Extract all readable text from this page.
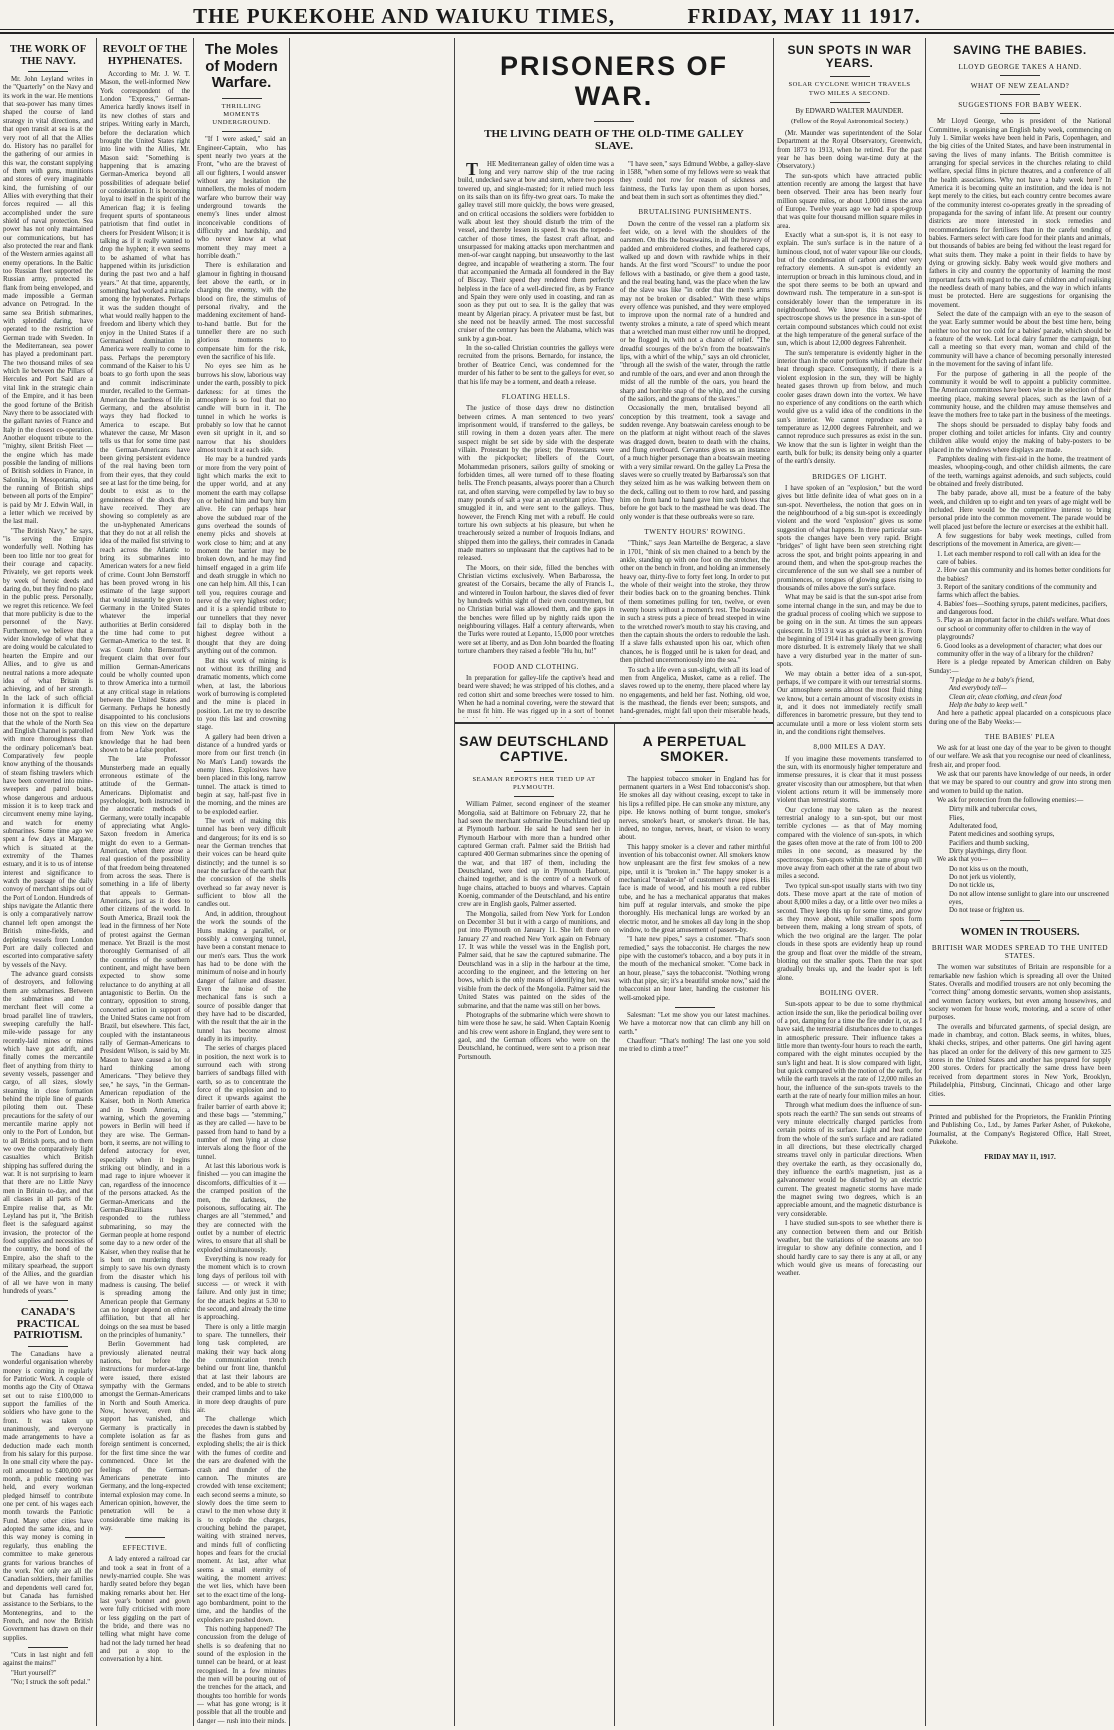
THE PUKEKOHE AND WAIUKU TIMES,	FRIDAY, MAY 11 1917.
THE WORK OF THE NAVY.

Mr. John Leyland writes in the "Quarterly" on the Navy and its work in the war. He mentions that sea-power has many times shaped the course of land strategy in vital directions, and that open transit at sea is at the very root of all that the Allies do. History has no parallel for the gathering of our armies in this war, the constant supplying of them with guns, munitions and stores of every imaginable kind, the furnishing of our Allies with everything that their forces required — all this accomplished under the sure shield of naval protection. Sea power has not only maintained our communications, but has also protected the rear and flank of the Western armies against all enemy operations. In the Baltic too Russian fleet supported the Russian army, protected its flank from being enveloped, and made impossible a German advance on Petrograd. In the same sea British submarines, with splendid daring, have operated to the restriction of German trade with Sweden. In the Mediterranean, sea power has played a predominant part. The two thousand miles of sea which lie between the Pillars of Hercules and Port Said are a vital link in the strategic chain of the Empire, and it has been the good fortune of the British Navy there to be associated with the gallant navies of France and Italy in the closest co-operation. Another eloquent tribute to the "mighty, silent British Fleet — the engine which has made possible the landing of millions of British soldiers in France, in Salonika, in Mesopotamia, and the running of British ships between all ports of the Empire" is paid by Mr J. Edwin Wall, in a letter which we received by the last mail.

"The British Navy," he says, "is serving the Empire wonderfully well. Nothing has been too little nor too great for their courage and capacity. Privately, we get reports week by week of heroic deeds and daring do, but they find no place in the public press. Personally, we regret this reticence. We feel that more publicity is due to the personnel of the Navy. Furthermore, we believe that a wider knowledge of what they are doing would be calculated to hearten the Empire and our Allies, and to give us and neutral nations a more adequate idea of what Britain is achieving, and of her strength. In the lack of such official information it is difficult for those not on the spot to realise that the whole of the North Sea and English Channel is patrolled with more thoroughness than the ordinary policeman's beat. Comparatively few people know anything of the thousands of steam fishing trawlers which have been converted into mine-sweepers and patrol boats, whose dangerous and arduous mission it is to keep track and circumvent enemy mine laying, and watch for enemy submarines. Some time ago we spent a few days at Margate, which is situated at the extremity of the Thames estuary, and it is to us of intense interest and significance to watch the passage of the daily convoy of merchant ships out of the Port of London. Hundreds of ships navigate the Atlantic there is only a comparatively narrow channel left open amongst the British mine-fields, and depleting vessels from London Port are daily collected and escorted into comparative safety by vessels of the Navy.

The advance guard consists of destroyers, and following them are submarines. Between the submarines and the merchant fleet will come a broad parallel line of trawlers, sweeping carefully the half-mile-wide passage for any recently-laid mines or mines which have got adrift, and finally comes the mercantile fleet of anything from thirty to seventy vessels, passenger and cargo, of all sizes, slowly steaming in close formation behind the triple line of guards piloting them out. These precautions for the safety of our mercantile marine apply not only to the Port of London, but to all British ports, and to them we owe the comparatively light casualties which British shipping has suffered during the war. It is not surprising to learn that there are no Little Navy men in Britain to-day, and that all classes in all parts of the Empire realise that, as Mr. Leyland has put it, "the British fleet is the safeguard against invasion, the protector of the food supplies and necessities of the country, the bond of the Empire, also the shaft to the military spearhead, the support of the Allies, and the guardian of all we have won in many hundreds of years."

CANADA'S PRACTICAL PATRIOTISM.

The Canadians have a wonderful organisation whereby money is coming in regularly for Patriotic Work. A couple of months ago the City of Ottawa set out to raise £100,000 to support the families of the soldiers who have gone to the front. It was taken up unanimously, and everyone made arrangements to have a deduction made each month from his salary for this purpose. In one small city where the pay-roll amounted to £400,000 per month, a public meeting was held, and every workman pledged himself to contribute one per cent. of his wages each month towards the Patriotic Fund. Many other cities have adopted the same idea, and in this way money is coming in regularly, thus enabling the committee to make generous grants for various branches of the work. Not only are all the Canadian soldiers, their families and dependents well cared for, but Canada has furnished assistance to the Serbians, to the Montenegrins, and to the French, and now the British Government has drawn on their supplies.

"Cuts in last night and fell against the mains!"

"Hurt yourself?"

"No; I struck the soft pedal."

REVOLT OF THE HYPHENATES.

According to Mr. J. W. T. Mason, the well-informed New York correspondent of the London "Express," German-America hardly knows itself in its new clothes of stars and stripes. Writing early in March, before the declaration which brought the United States right into line with the Allies, Mr. Mason said: "Something is happening that is amazing German-America beyond all possibilities of adequate belief or consideration. It is becoming loyal to itself in the spirit of the American flag; it is feeling frequent spurts of spontaneous patriotism that find outlet in cheers for President Wilson; it is talking as if it really wanted to drop the hyphen; it even seems to be ashamed of what has happened within its jurisdiction during the past two and a half years." At that time, apparently, something had worked a miracle among the hyphenates. Perhaps it was the sudden thought of what would really happen to the freedom and liberty which they enjoy in the United States if a Germanised domination in America were really to come to pass. Perhaps the peremptory command of the Kaiser to his U boats to go forth upon the seas and commit indiscriminate murder, recalled to the German-American the hardness of life in Germany, and the absolutist ways they had flocked to America to escape. But whatever the cause, Mr Mason tells us that for some time past the German-Americans have been giving persistent evidence of the real having been torn from their eyes, that they could see at last for the time being, for doubt to exist as to the genuineness of the shock they have received. They are showing so completely as are the un-hyphenated Americans that they do not at all relish the idea of the mailed fist striving to reach across the Atlantic to bring its submarines into American waters for a new field of crime. Count John Bernstorff has been proved wrong in his estimate of the large support that would instantly be given to Germany in the United States whatever the imperial authorities at Berlin considered the time had come to put German-America to the test. It was Count John Bernstorff's frequent claim that over four million German-Americans could be wholly counted upon to throw America into a turmoil at any critical stage in relations between the United States and Germany. Perhaps he honestly disappointed to his conclusions on this view on the departure from New York was the knowledge that he had been shown to be a false prophet.

The late Professor Munsterberg made an equally erroneous estimate of the attitude of the German-Americans. Diplomatist and psychologist, both instructed in the autocratic methods of Germany, were totally incapable of appreciating what Anglo-Saxon freedom in America might do even to a German-American, when there arose a real question of the possibility of that freedom being threatened from across the seas. There is something in a life of liberty that appeals to German-Americans, just as it does to other citizens of the world. In South America, Brazil took the lead in the firmness of her Note of protest against the German menace. Yet Brazil is the most thoroughly Germanised of all the countries of the southern continent, and might have been expected to show some reluctance to do anything at all antagonistic to Berlin. On the contrary, opposition to strong, concerted action in support of the United States came not from Brazil, but elsewhere. This fact, coupled with the instantaneous rally of German-Americans to President Wilson, is said by Mr. Mason to have caused a lot of hard thinking among Americans. "They believe they see," he says, "in the German-American repudiation of the Kaiser, both in North America and in South America, a warning, which the governing powers in Berlin will heed if they are wise. The German-born, it seems, are not willing to defend autocracy for ever, especially when it begins striking out blindly, and in a mad rage to injure whoever it can, regardless of the innocence of the persons attacked. As the German-Americans and the German-Brazilians have responded to the ruthless submarining, so may the German people at home respond some day to a new order of the Kaiser, when they realise that he is bent on murdering them simply to save his own dynasty from the disaster which his madness is causing. The belief is spreading among the American people that Germany can no longer depend on ethnic affiliation, but that all her doings on the sea must be based on the principles of humanity."

Berlin Government had previously alienated neutral nations, but before the instructions for murder-at-large were issued, there existed sympathy with the Germans amongst the German-Americans in North and South America. Now, however, even this support has vanished, and Germany is practically in complete isolation as far as foreign sentiment is concerned, for the first time since the war commenced. Once let the feelings of the German-Americans penetrate into Germany, and the long-expected internal explosion may come. In American opinion, however, the penetration will be a considerable time making its way.

EFFECTIVE.

A lady entered a railroad car and took a seat in front of a newly-married couple. She was hardly seated before they began making remarks about her. Her last year's bonnet and gown were fully criticised with more or less giggling on the part of the bride, and there was no telling what might have come had not the lady turned her head and put a stop to the conversation by a hint.

The Moles of Modern Warfare.
THRILLING MOMENTS UNDERGROUND.

"If I were asked," said an Engineer-Captain, who has spent nearly two years at the Front, "who are the bravest of all our fighters, I would answer without any hesitation the tunnellers, the moles of modern warfare who burrow their way underground towards the enemy's lines under almost inconceivable conditions of difficulty and hardship, and who never know at what moment they may meet a horrible death."

There is exhilaration and glamour in fighting in thousand feet above the earth, or in charging the enemy, with the blood on fire, the stimulus of personal rivalry, and the maddening excitement of hand-to-hand battle. But for the tunneller there are no such glorious moments to compensate him for the risk, even the sacrifice of his life.

No eyes see him as he burrows his slow, laborious way under the earth, possibly to pick darkness: for at times the atmosphere is so foul that no candle will burn in it. The tunnel in which he works is probably so low that he cannot even sit upright in it, and so narrow that his shoulders almost touch it at each side.

He may be a hundred yards or more from the very point of light which marks the exit to the upper world, and at any moment the earth may collapse on or behind him and bury him alive. He can perhaps hear above the subdued roar of the guns overhead the sounds of enemy picks and shovels at work close to him; and at any moment the barrier may be broken down, and he may find himself engaged in a grim life and death struggle in which no one can help him. All this, I can tell you, requires courage and nerve of the very highest order; and it is a splendid tribute to our tunnellers that they never fail to display both in the highest degree without a thought that they are doing anything out of the common.

But this work of mining is not without its thrilling and dramatic moments, which come when, at last, the laborious work of burrowing is completed and the mine is placed in position. Let me try to describe to you this last and crowning stage.

A gallery had been driven a distance of a hundred yards or more from our first trench (in No Man's Land) towards the enemy lines. Explosives have been placed in this long, narrow tunnel. The attack is timed to begin at say, half-past five in the morning, and the mines are to be exploded earlier.

The work of making this tunnel has been very difficult and dangerous; for its end is so near the German trenches that their voices can be heard quite distinctly; and the tunnel is so near the surface of the earth that the concussion of the shells overhead so far away never is sufficient to blow all the candles out.

And, in addition, throughout the work the sounds of the Huns making a parallel, or possibly a converging tunnel, have been a constant menace to our men's ears. Thus the work has had to be done with the minimum of noise and in hourly danger of failure and disaster. Even the noise of the mechanical fans is such a source of possible danger that they have had to be discarded, with the result that the air in the tunnel has become almost deadly in its impurity.

The series of charges placed in position, the next work is to surround each with strong barriers of sandbags filled with earth, so as to concentrate the force of the explosion and to direct it upwards against the frailer barrier of earth above it; and these bags — "stemming," as they are called — have to be passed from hand to hand by a number of men lying at close intervals along the floor of the tunnel.

At last this laborious work is finished — you can imagine the discomforts, difficulties of it — the cramped position of the men, the darkness, the poisonous, suffocating air. The charges are all "stemmed," and they are connected with the outlet by a number of electric wires, to ensure that all shall be exploded simultaneously.

Everything is now ready for the moment which is to crown long days of perilous toil with success — or wreck it with failure. And only just in time; for the attack begins at 5.30 to the second, and already the time is approaching.

There is only a little margin to spare. The tunnellers, their long task completed, are making their way back along the communication trench behind our front line, thankful that at last their labours are ended, and to be able to stretch their cramped limbs and to take in more deep draughts of pure air.

The challenge which precedes the dawn is stabbed by the flashes from guns and exploding shells; the air is thick with the fumes of cordite and the ears are deafened with the crash and thunder of the cannon. The minutes are crowded with tense excitement; each second seems a minute, so slowly does the time seem to crawl to the men whose duty it is to explode the charges, crouching behind the parapet, waiting with strained nerves, and minds full of conflicting hopes and fears for the crucial moment. At last, after what seems a small eternity of waiting, the moment arrives: the wet lies, which have been set to the exact time of the long-ago bombardment, point to the time, and the handles of the exploders are pushed down.

This nothing happened? The concussion from the deluge of shells is so deafening that no sound of the explosion in the tunnel can be heard, or at least recognised. In a few minutes the men will be pouring out of the trenches for the attack, and thoughts too horrible for words — what has gone wrong; is it possible that all the trouble and danger — rush into their minds.

PRISONERS OF WAR.
THE LIVING DEATH OF THE OLD-TIME GALLEY SLAVE.

THE Mediterranean galley of olden time was a long and very narrow ship of the true racing build, undecked save at bow and stern, where two poops towered up, and single-masted; for it relied much less on its sails than on its fifty-two great oars. To make the galley travel still more quickly, the bows were greased, and on critical occasions the soldiers were forbidden to walk about lest they should disturb the trim of the vessel, and thereby lessen its speed. It was the torpedo-catcher of those times, the fastest craft afloat, and unsurpassed for making attacks upon merchantmen and men-of-war caught napping, but unseaworthy to the last degree, and incapable of weathering a storm. The four that accompanied the Armada all foundered in the Bay of Biscay. Their speed they rendered them perfectly helpless in the face of a well-directed fire, as by France and Spain they were only used in coasting, and ran as soon as they put out to sea. It is the galley that was meant by Algerian piracy. A privateer must be fast, but she need not be heavily armed. The most successful cruiser of the century has been the Alabama, which was sunk by a gun-boat.

In the so-called Christian countries the galleys were recruited from the prisons. Bernardo, for instance, the brother of Beatrice Cenci, was condemned for the murder of his father to be sent to the galleys for ever, so that his life may be a torment, and death a release.

FLOATING HELLS.

The justice of those days drew no distinction between crimes. A man sentenced to two years' imprisonment would, if transferred to the galleys, be still rowing in them a dozen years after. The mere suspect might be set side by side with the desperate villain. Protestant by the priest; the Protestants were with the pickpocket; libellers of the Court, Mohammedan prisoners, sailors guilty of smoking or forbidden times, all were turned off to these floating hells. The French peasants, always poorer than a Church rat, and often starving, were compelled by law to buy so many pounds of salt a year at an exorbitant price. They smuggled it in, and were sent to the galleys. Thus, however, the French King met with a rebuff. He could torture his own subjects at his pleasure, but when he treacherously seized a number of Iroquois Indians, and shipped them into the galleys, their comrades in Canada made matters so unpleasant that the captives had to be released.

The Moors, on their side, filled the benches with Christian victims exclusively. When Barbarossa, the greatest of the Corsairs, became the ally of Francis I., and wintered in Toulon harbour, the slaves died of fever by hundreds within sight of their own countrymen, but no Christian burial was allowed them, and the gaps in the benches were filled up by nightly raids upon the neighbouring villages. Half a century afterwards, when the Turks were routed at Lepanto, 15,000 poor wretches were set at liberty, and as Don John boarded the floating torture chambers they raised a feeble "Hu hu, hu!"

FOOD AND CLOTHING.

In preparation for galley-life the captive's head and beard were shaved; he was stripped of his clothes, and a red cotton shirt and some breeches were tossed to him. When he had a nominal covering, were the steward that he must fit him. He was rigged up in a sort of bonnet

"I have seen," says Edmund Webbe, a galley-slave in 1588, "when some of my fellows were so weak that they could not row for reason of sickness and faintness, the Turks lay upon them as upon horses, and beat them in such sort as oftentimes they died."

BRUTALISING PUNISHMENTS.

Down the centre of the vessel ran a platform six feet wide, on a level with the shoulders of the oarsmen. On this the boatswains, in all the bravery of padded and embroidered clothes, and feathered caps, walked up and down with rawhide whips in their hands. At the first word "Scours!" to undue the poor fellows with a bastinado, or give them a good taste, and the real beating hand, was the place when the law of the slave was like "in order that the men's arms may not be broken or disabled." With these whips every offence was punished, and they were employed to improve upon the normal rate of a hundred and twenty strokes a minute, a rate of speed which meant that a wretched man must either row until he dropped, or be flogged in, with not a chance of relief. "The dreadful scourges of the bo's'n from the boatswain's lips, with a whirl of the whip," says an old chronicler, "through all the swish of the water, through the rattle and rumble of the oars, and ever and anon through the midst of all the rumble of the oars, you heard the sharp and horrible snap of the whip, and the cursing of the sailors, and the groans of the slaves."

Occasionally the men, brutalised beyond all conception by this treatment, took a savage and sudden revenge. Any boatswain careless enough to be on the platform at night without reach of the slaves was dragged down, beaten to death with the chains, and flung overboard. Cervantes gives us an instance of a much higher personage than a boatswain meeting with a very similar reward. On the galley La Presa the slaves were so cruelly treated by Barbarossa's son that they seized him as he was walking between them on the deck, calling out to them to row hard, and passing him on from hand to hand gave him such blows that before he got back to the masthead he was dead. The only wonder is that these outbreaks were so rare.

TWENTY HOURS' ROWING.

"Think," says Jean Marteilhe de Bergerac, a slave in 1701, "think of six men chained to a bench by the ankle, standing up with one foot on the stretcher, the other on the bench in front, and holding an immensely heavy oar, thirty-five to forty feet long. In order to put the whole of their weight into the stroke, they throw their bodies back on to the groaning benches. Think of them sometimes pulling for ten, twelve, or even twenty hours without a moment's rest. The boatswain in such a stress puts a piece of bread steeped in wine to the wretched rower's mouth to stay his craving, and then the captain shouts the orders to redouble the lash. If a slave falls exhausted upon his oar, which often chances, he is flogged until he is taken for dead, and then pitched unceremoniously into the sea."

To such a life even a sun-slight, with all its load of men from Angelica, Musket, came as a relief. The slaves rowed up to the enemy, there placed where lay no engagements, and held her fast. Nothing, old woe, is the masthead, the fiends ever been; sunspots, and hand-grenades, might fall upon their miserable heads,

SAW DEUTSCHLAND CAPTIVE.
SEAMAN REPORTS HER TIED UP AT PLYMOUTH.

William Palmer, second engineer of the steamer Mongolia, said at Baltimore on February 22, that he had seen the merchant submarine Deutschland tied up at Plymouth harbour. He said he had seen her in Plymouth Harbour with more than a hundred other captured German craft. Palmer said the British had captured 400 German submarines since the opening of the war, and that 187 of them, including the Deutschland, were tied up in Plymouth Harbour, chained together, and is the centre of a network of huge chains, attached to buoys and wharves. Captain Koenig, commander of the Deutschland, and his entire crew are in English gaols, Palmer asserted.

The Mongolia, sailed from New York for London on December 31 but it with a cargo of munitions, and put into Plymouth on January 11. She left there on January 27 and reached New York again on February 17. It was while the vessel was in the English port, Palmer said, that he saw the captured submarine. The Deutschland was in a slip in the harbour at the time, according to the engineer, and the lettering on her bows, which is the only means of identifying her, was visible from the deck of the Mongolia. Palmer said the United States was painted on the sides of the submarine, and that the name was still on her bows.

Photographs of the submarine which were shown to him were those he saw, he said. When Captain Koenig and his crew went ashore in England, they were sent to gaol, and the German officers who were on the Deutschland, he continued, were sent to a prison near Portsmouth.

A PERPETUAL SMOKER.

The happiest tobacco smoker in England has for permanent quarters in a West End tobacconist's shop. He smokes all day without ceasing, except to take in his lips a refilled pipe. He can smoke any mixture, any pipe. He knows nothing of burnt tongue, smoker's nerves, smoker's heart, or smoker's throat. He has, indeed, no tongue, nerves, heart, or vision to worry about.

This happy smoker is a clever and rather mirthful invention of his tobacconist owner. All smokers know how unpleasant are the first few smokes of a new pipe, until it is "broken in." The happy smoker is a mechanical "breaker-in" of customers' new pipes. His face is made of wood, and his mouth a red rubber tube, and he has a mechanical apparatus that makes him puff at regular intervals, and smoke the pipe thoroughly. His mechanical lungs are worked by an electric motor, and he smokes all day long in the shop window, to the great amusement of passers-by.

"I hate new pipes," says a customer. "That's soon remedied," says the tobacconist. He charges the new pipe with the customer's tobacco, and a boy puts it in the mouth of the mechanical smoker. "Come back in an hour, please," says the tobacconist. "Nothing wrong with that pipe, sir; it's a beautiful smoke now," said the tobacconist an hour later, handing the customer his well-smoked pipe.

Salesman: "Let me show you our latest machines. We have a motorcar now that can climb any hill on earth."

Chauffeur: "That's nothing! The last one you sold me tried to climb a tree!"

SUN SPOTS IN WAR YEARS.
SOLAR CYCLONE WHICH TRAVELS TWO MILES A SECOND.
By EDWARD WALTER MAUNDER.
(Fellow of the Royal Astronomical Society.)

(Mr. Maunder was superintendent of the Solar Department at the Royal Observatory, Greenwich, from 1873 to 1913, when he retired. For the past year he has been doing war-time duty at the Observatory.)

The sun-spots which have attracted public attention recently are among the largest that have been observed. Their area has been nearly four million square miles, or about 1,000 times the area of Europe. Twelve years ago we had a spot-group that was quite four thousand million square miles in area.

Exactly what a sun-spot is, it is not easy to explain. The sun's surface is in the nature of a luminous cloud, not of water vapour like our clouds, but of the condensation of carbon and other very refractory elements. A sun-spot is evidently an interruption or breach in this luminous cloud, and in the spot there seems to be both an upward and downward rush. The temperature in a sun-spot is considerably lower than the temperature in its neighbourhood. We know this because the spectroscope shows us the presence in a sun-spot of certain compound substances which could not exist at the high temperature of the general surface of the sun, which is about 12,000 degrees Fahrenheit.

The sun's temperature is evidently higher in the interior than in the outer portions which radiate their heat through space. Consequently, if there is a violent explosion in the sun, they will be highly heated gases thrown up from below, and much cooler gases drawn down into the vortex. We have no experience of any conditions on the earth which would give us a valid idea of the conditions in the sun's interior. We cannot reproduce such a temperature as 12,000 degrees Fahrenheit, and we cannot reproduce such pressures as exist in the sun. We know that the sun is lighter in weight than the earth, bulk for bulk; its density being only a quarter of the earth's density.

BRIDGES OF LIGHT.

I have spoken of an "explosion," but the word gives but little definite idea of what goes on in a sun-spot. Nevertheless, the notion that goes on in the neighbourhood of a big sun-spot is exceedingly violent and the word "explosion" gives us some suggestion of what happens. In three particular sun-spots the changes have been very rapid. Bright "bridges" of light have been seen stretching right across the spot, and bright points appearing in and around them, and when the spot-group reaches the circumference of the sun we shall see a number of prominences, or tongues of glowing gases rising to thousands of miles above the sun's surface.

What may be said is that the sun-spot arise from some internal change in the sun, and may be due to the gradual process of cooling which we suppose to be going on in the sun. At times the sun appears quiescent. In 1913 it was as quiet as ever it is. From the beginning of 1914 it has gradually been growing more disturbed. It is extremely likely that we shall have a very disturbed year in the matter of sun-spots.

We may obtain a better idea of a sun-spot, perhaps, if we compare it with our terrestrial storms. Our atmosphere seems almost the most fluid thing we know, but a certain amount of viscosity exists in it, and it does not immediately rectify small differences in barometric pressure, but they tend to accumulate until a more or less violent storm sets in, and the conditions right themselves.

8,000 MILES A DAY.

If you imagine these movements transferred to the sun, with its enormously higher temperature and immense pressures, it is clear that it must possess greater viscosity than our atmosphere, but that when violent actions return it will be immensely more violent than terrestrial storms.

Our cyclone may be taken as the nearest terrestrial analogy to a sun-spot, but our most terrible cyclones — as that of May morning compared with the violence of sun-spots, in which the gases often move at the rate of from 100 to 200 miles in one second, as measured by the spectroscope. Sun-spots within the same group will move away from each other at the rate of about two miles a second.

Two typical sun-spot usually starts with two tiny dots. These move apart at the rate of motion of about 8,000 miles a day, or a little over two miles a second. They keep this up for some time, and grow as they move about, while smaller spots form between them, making a long stream of spots, of which the two original are the larger. The polar clouds in these spots are evidently heap up round the group and float over the middle of the stream, blotting out the smaller spots. Then the rear spot gradually breaks up, and the leader spot is left alone.

BOILING OVER.

Sun-spots appear to be due to some rhythmical action inside the sun, like the periodical boiling over of a pot, damping for a time the fire under it, or, as I have said, the terrestrial disturbances due to changes in atmospheric pressure. Their influence takes a little more than twenty-four hours to reach the earth, compared with the eight minutes occupied by the sun's light and heat. It is slow compared with light, but quick compared with the motion of the earth, for while the earth travels at the rate of 12,000 miles an hour, the influence of the sun-spots travels to the earth at the rate of nearly four million miles an hour.

Through what medium does the influence of sun-spots reach the earth? The sun sends out streams of very minute electrically charged particles from certain points of its surface. Light and heat come from the whole of the sun's surface and are radiated in all directions, but these electrically charged streams travel only in particular directions. When they overtake the earth, as they occasionally do, they influence the earth's magnetism, just as a galvanometer would be disturbed by an electric current. The greatest magnetic storms have made the magnet swing two degrees, which is an appreciable amount, and the magnetic disturbance is very considerable.

I have studied sun-spots to see whether there is any connection between them and our British weather, but the variations of the seasons are too irregular to show any definite connection, and I should hardly care to say there is any at all, or any which would give us means of forecasting our weather.

SAVING THE BABIES.
LLOYD GEORGE TAKES A HAND.
WHAT OF NEW ZEALAND?
SUGGESTIONS FOR BABY WEEK.

Mr Lloyd George, who is president of the National Committee, is organising an English baby week, commencing on July 1. Similar weeks have been held in Paris, Copenhagen, and the big cities of the United States, and have been instrumental in saving the lives of many infants. The British committee is arranging for special services in the churches relating to child welfare, special films in picture theatres, and a conference of all the health associations. Why not have a baby week here? In America it is becoming quite an institution, and the idea is not kept merely to the cities, but each country centre becomes aware of the community interest co-operates greatly in the spreading of propaganda for the saving of infant life. At present our country districts are more interested in stock remedies and recommendations for fertilisers than in the careful tending of babies. Farmers select with care food for their plants and animals, but thousands of babies are being fed without the least regard for what suits them. They make a point in their fields to have by dying or growing sickly. Baby week would give mothers and fathers in city and country the opportunity of learning the most important facts with regard to the care of children and of realising the needless death of many babies, and the way in which infants must be protected. Here are suggestions for organising the movement.

Select the date of the campaign with an eye to the season of the year. Early summer would be about the best time here, being neither too hot nor too cold for a babies' parade, which should be a feature of the week. Let local dairy farmer the campaign, but call a meeting so that every man, woman and child of the community will have a chance of becoming personally interested in the movement for the saving of infant life.

For the purpose of gathering in all the people of the community it would be well to appoint a publicity committee. The American committees have been wise in the selection of their meeting place, making several places, such as the lawn of a community house, and the children may amuse themselves and leave the mothers free to take part in the business of the meetings.

The shops should be persuaded to display baby foods and proper clothing and toilet articles for infants. City and country children alike would enjoy the making of baby-posters to be placed in the windows where displays are made.

Pamphlets dealing with first-aid in the home, the treatment of measles, whooping-cough, and other childish ailments, the care of the teeth, warnings against adenoids, and such subjects, could be obtained and freely distributed.

The baby parade, above all, must be a feature of the baby week, and children up to eight and ten years of age might well be included. Here would be the competitive interest to bring personal pride into the common movement. The parade would be well placed just before the lecture or exercises at the exhibit hall.

A few suggestions for baby week meetings, culled from descriptions of the movement in America, are given:—

1. Let each member respond to roll call with an idea for the care of babies.
2. How can this community and its homes better conditions for the babies?
3. Report of the sanitary conditions of the community and farms which affect the babies.
4. Babies' foes—Soothing syrups, patent medicines, pacifiers, and dangerous food.
5. Play as an important factor in the child's welfare. What does our school or community offer to children in the way of playgrounds?
6. Good looks as a development of character; what does our community offer in the way of a library for the children?

Here is a pledge repeated by American children on Baby Sunday:—

"I pledge to be a baby's friend,
And everybody tell—
Clean air, clean clothing, and clean food
Help the baby to keep well."

And here a pathetic appeal placarded on a conspicuous place during one of the Baby Weeks:—

THE BABIES' PLEA

We ask for at least one day of the year to be given to thought of our welfare. We ask that you recognise our need of cleanliness, fresh air, and proper food.

We ask that our parents have knowledge of our needs, in order that we may be spared to our country and grow into strong men and women to build up the nation.

We ask for protection from the following enemies:—

Dirty milk and tubercular cows,
Flies,
Adulterated food,
Patent medicines and soothing syrups,
Pacifiers and thumb sucking,
Dirty playthings, dirty floor.

We ask that you—

Do not kiss us on the mouth,
Do not jerk us violently,
Do not tickle us,
Do not allow intense sunlight to glare into our unscreened eyes,
Do not tease or frighten us.
WOMEN IN TROUSERS.
BRITISH WAR MODES SPREAD TO THE UNITED STATES.

The women war substitutes of Britain are responsible for a remarkable new fashion which is spreading all over the United States. Overalls and modified trousers are not only becoming the "correct thing" among domestic servants, women shop assistants, and women factory workers, but even among housewives, and society women for house work, motoring, and a score of other purposes.

The overalls and bifurcated garments, of special design, are made in chambray, and cotton. Black seems, in whites, blues, khaki checks, stripes, and other patterns. One girl having agent has placed an order for the delivery of this new garment to 325 stores in the United States and another has prepared for supply 200 stores. Orders for practically the same dress have been received from department stores in New York, Brooklyn, Philadelphia, Pittsburg, Cincinnati, Chicago and other large cities.

Printed and published for the Proprietors, the Franklin Printing and Publishing Co., Ltd., by James Parker Asher, of Pukekohe, Journalist, at the Company's Registered Office, Hall Street, Pukekohe.
FRIDAY MAY 11, 1917.
